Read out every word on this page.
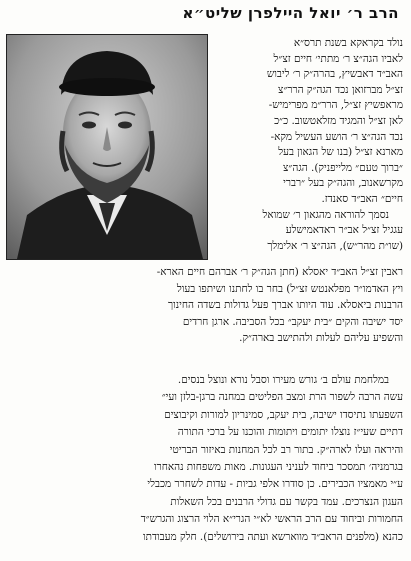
הרב ר׳ יואל היילפרן שליט״א
נולד בקראקא בשנת תרס״א
לאביו הגה״צ ר׳ מתתי׳ חיים זצ״ל
האב״ד דאבשיץ, בהרה״ק ר׳ ליבוש
זצ״ל מברזואן נכד הגה״ק הרר״צ
מראפשיץ זצ״ל, הרר״מ מפרימיש-
לאן זצ״ל והמגיד מזלאטשוב. כ״כ
נכד הגה״צ ר׳ הושע העשיל מקא-
מארנא זצ״ל (בנו של הגאון בעל
״ברוך טעם״ מלייפניק). הגה״צ
מקרשאנוב, והגה״ק בעל ״רברי
חיים״ האב״ד סאנדז.
נסמך להוראה מהגאון ר׳ שמואל
עגגיל זצ״ל אב״ר ראדאמישלע
(שו״ת מהר״ש), הגה״צ ר׳ אלימלך
ראבין זצ״ל האב״ד יאסלא (חתן הגה״ק ר׳ אברהם חיים הארא-
ויץ האדמו״ר מפלאנטש זצ״ל) בחר בו לחתנו ושיתפו בעול
הרבנות ביאסלא. עוד היותו אברך פעל גדולות בשדה החינוך
יסד ישיבה והקים ״בית יעקב״ בכל הסביבה. ארגן חרדים
והשפיע עליהם לעלות ולהתישב בארה״ק.
במלחמת עולם ב׳ גורש מעירו וסבל נורא ונוצל בנסים.
עשה הרבה לשפור הרת ומצב הפליטים במחנה ברגן-בלזן ועי״
השפעתו נתיסדו ישיבה, בית יעקב, סמינריון למורות וקיבוצים
דתיים שעי״ז נוצלו יתומים ויתומות והוכנו על ברכי התורה
והיראה ועלו לארה״ק. בתור רב לכל המחנות באיזור הבריטי
בגרמניה׳ תמסכר ביחוד לעניני העגונות. מאות משפחות נהאחרו
ע״י מאמציו הכבירים. כן סודרו אלפי גביות - עדות לשחרר מכבלי
העגון הנצרכים. עמד בקשר עם גדולי הרבנים בכל השאלות
החמורות וביחוד עם הרב הראשי לא״י הגרי״א הלוי הרצוג והגרש״ד
כהנא (מלפנים הראב״ד מווארשא ועתה בירושלים). חלק מעבודתו
